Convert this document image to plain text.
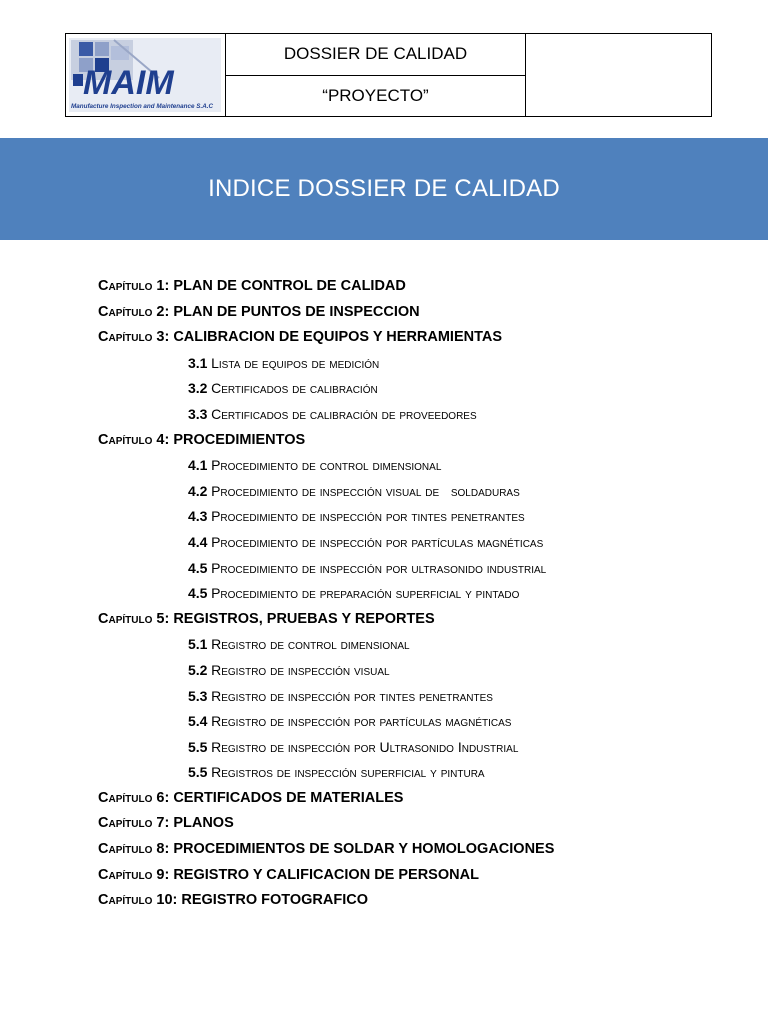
MAIM
Manufacture Inspection and Maintenance S.A.C
DOSSIER DE CALIDAD
“PROYECTO”
INDICE DOSSIER DE CALIDAD
Capítulo 1: PLAN DE CONTROL DE CALIDAD
Capítulo 2: PLAN DE PUNTOS DE INSPECCION
Capítulo 3: CALIBRACION DE EQUIPOS Y HERRAMIENTAS
3.1 Lista de equipos de medición
3.2 Certificados de calibración
3.3 Certificados de calibración de proveedores
Capítulo 4: PROCEDIMIENTOS
4.1 Procedimiento de control dimensional
4.2 Procedimiento de inspección visual de   soldaduras
4.3 Procedimiento de inspección por tintes penetrantes
4.4 Procedimiento de inspección por partículas magnéticas
4.5 Procedimiento de inspección por ultrasonido industrial
4.5 Procedimiento de preparación superficial y pintado
Capítulo 5: REGISTROS, PRUEBAS Y REPORTES
5.1 Registro de control dimensional
5.2 Registro de inspección visual
5.3 Registro de inspección por tintes penetrantes
5.4 Registro de inspección por partículas magnéticas
5.5 Registro de inspección por Ultrasonido Industrial
5.5 Registros de inspección superficial y pintura
Capítulo 6: CERTIFICADOS DE MATERIALES
Capítulo 7: PLANOS
Capítulo 8: PROCEDIMIENTOS DE SOLDAR Y HOMOLOGACIONES
Capítulo 9: REGISTRO Y CALIFICACION DE PERSONAL
Capítulo 10: REGISTRO FOTOGRAFICO
